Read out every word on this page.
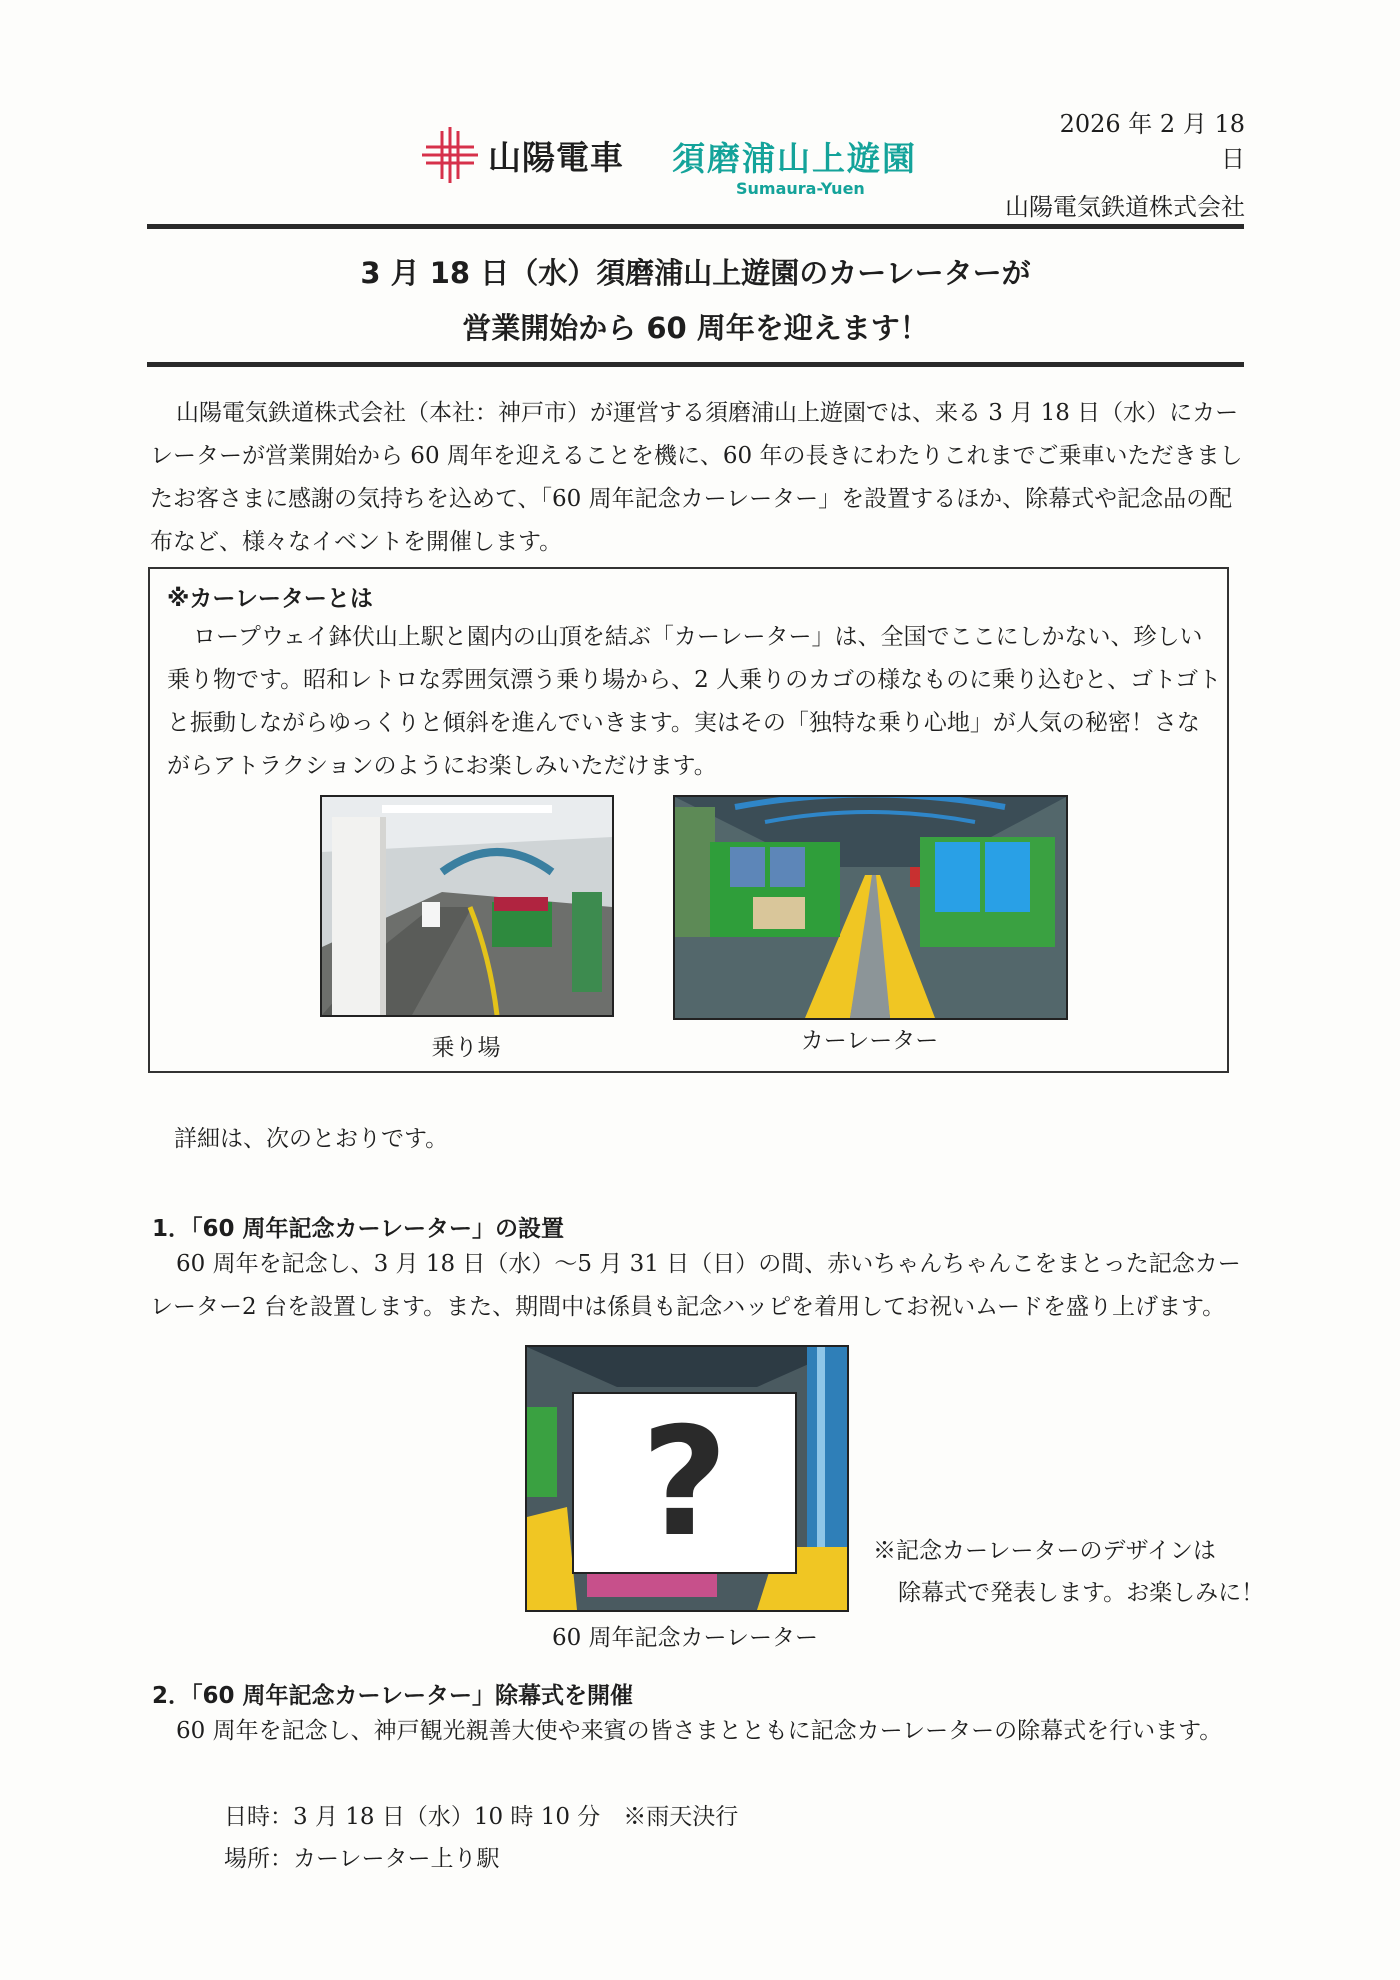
2026 年 2 月 18 日
山陽電車 須磨浦山上遊園
Sumaura-Yuen
山陽電気鉄道株式会社
3 月 18 日（水）須磨浦山上遊園のカーレーターが
営業開始から 60 周年を迎えます！
山陽電気鉄道株式会社（本社：神戸市）が運営する須磨浦山上遊園では、来る 3 月 18 日（水）にカーレーターが営業開始から 60 周年を迎えることを機に、60 年の長きにわたりこれまでご乗車いただきましたお客さまに感謝の気持ちを込めて、「60 周年記念カーレーター」を設置するほか、除幕式や記念品の配布など、様々なイベントを開催します。
※カーレーターとは
ロープウェイ鉢伏山上駅と園内の山頂を結ぶ「カーレーター」は、全国でここにしかない、珍しい乗り物です。昭和レトロな雰囲気漂う乗り場から、2 人乗りのカゴの様なものに乗り込むと、ゴトゴトと振動しながらゆっくりと傾斜を進んでいきます。実はその「独特な乗り心地」が人気の秘密！さながらアトラクションのようにお楽しみいただけます。
乗り場	カーレーター
詳細は、次のとおりです。
1．「60 周年記念カーレーター」の設置
60 周年を記念し、3 月 18 日（水）～5 月 31 日（日）の間、赤いちゃんちゃんこをまとった記念カーレーター2 台を設置します。また、期間中は係員も記念ハッピを着用してお祝いムードを盛り上げます。
?
60 周年記念カーレーター
※記念カーレーターのデザインは
除幕式で発表します。お楽しみに！
2．「60 周年記念カーレーター」除幕式を開催
60 周年を記念し、神戸観光親善大使や来賓の皆さまとともに記念カーレーターの除幕式を行います。
日時：3 月 18 日（水）10 時 10 分　※雨天決行
場所：カーレーター上り駅
